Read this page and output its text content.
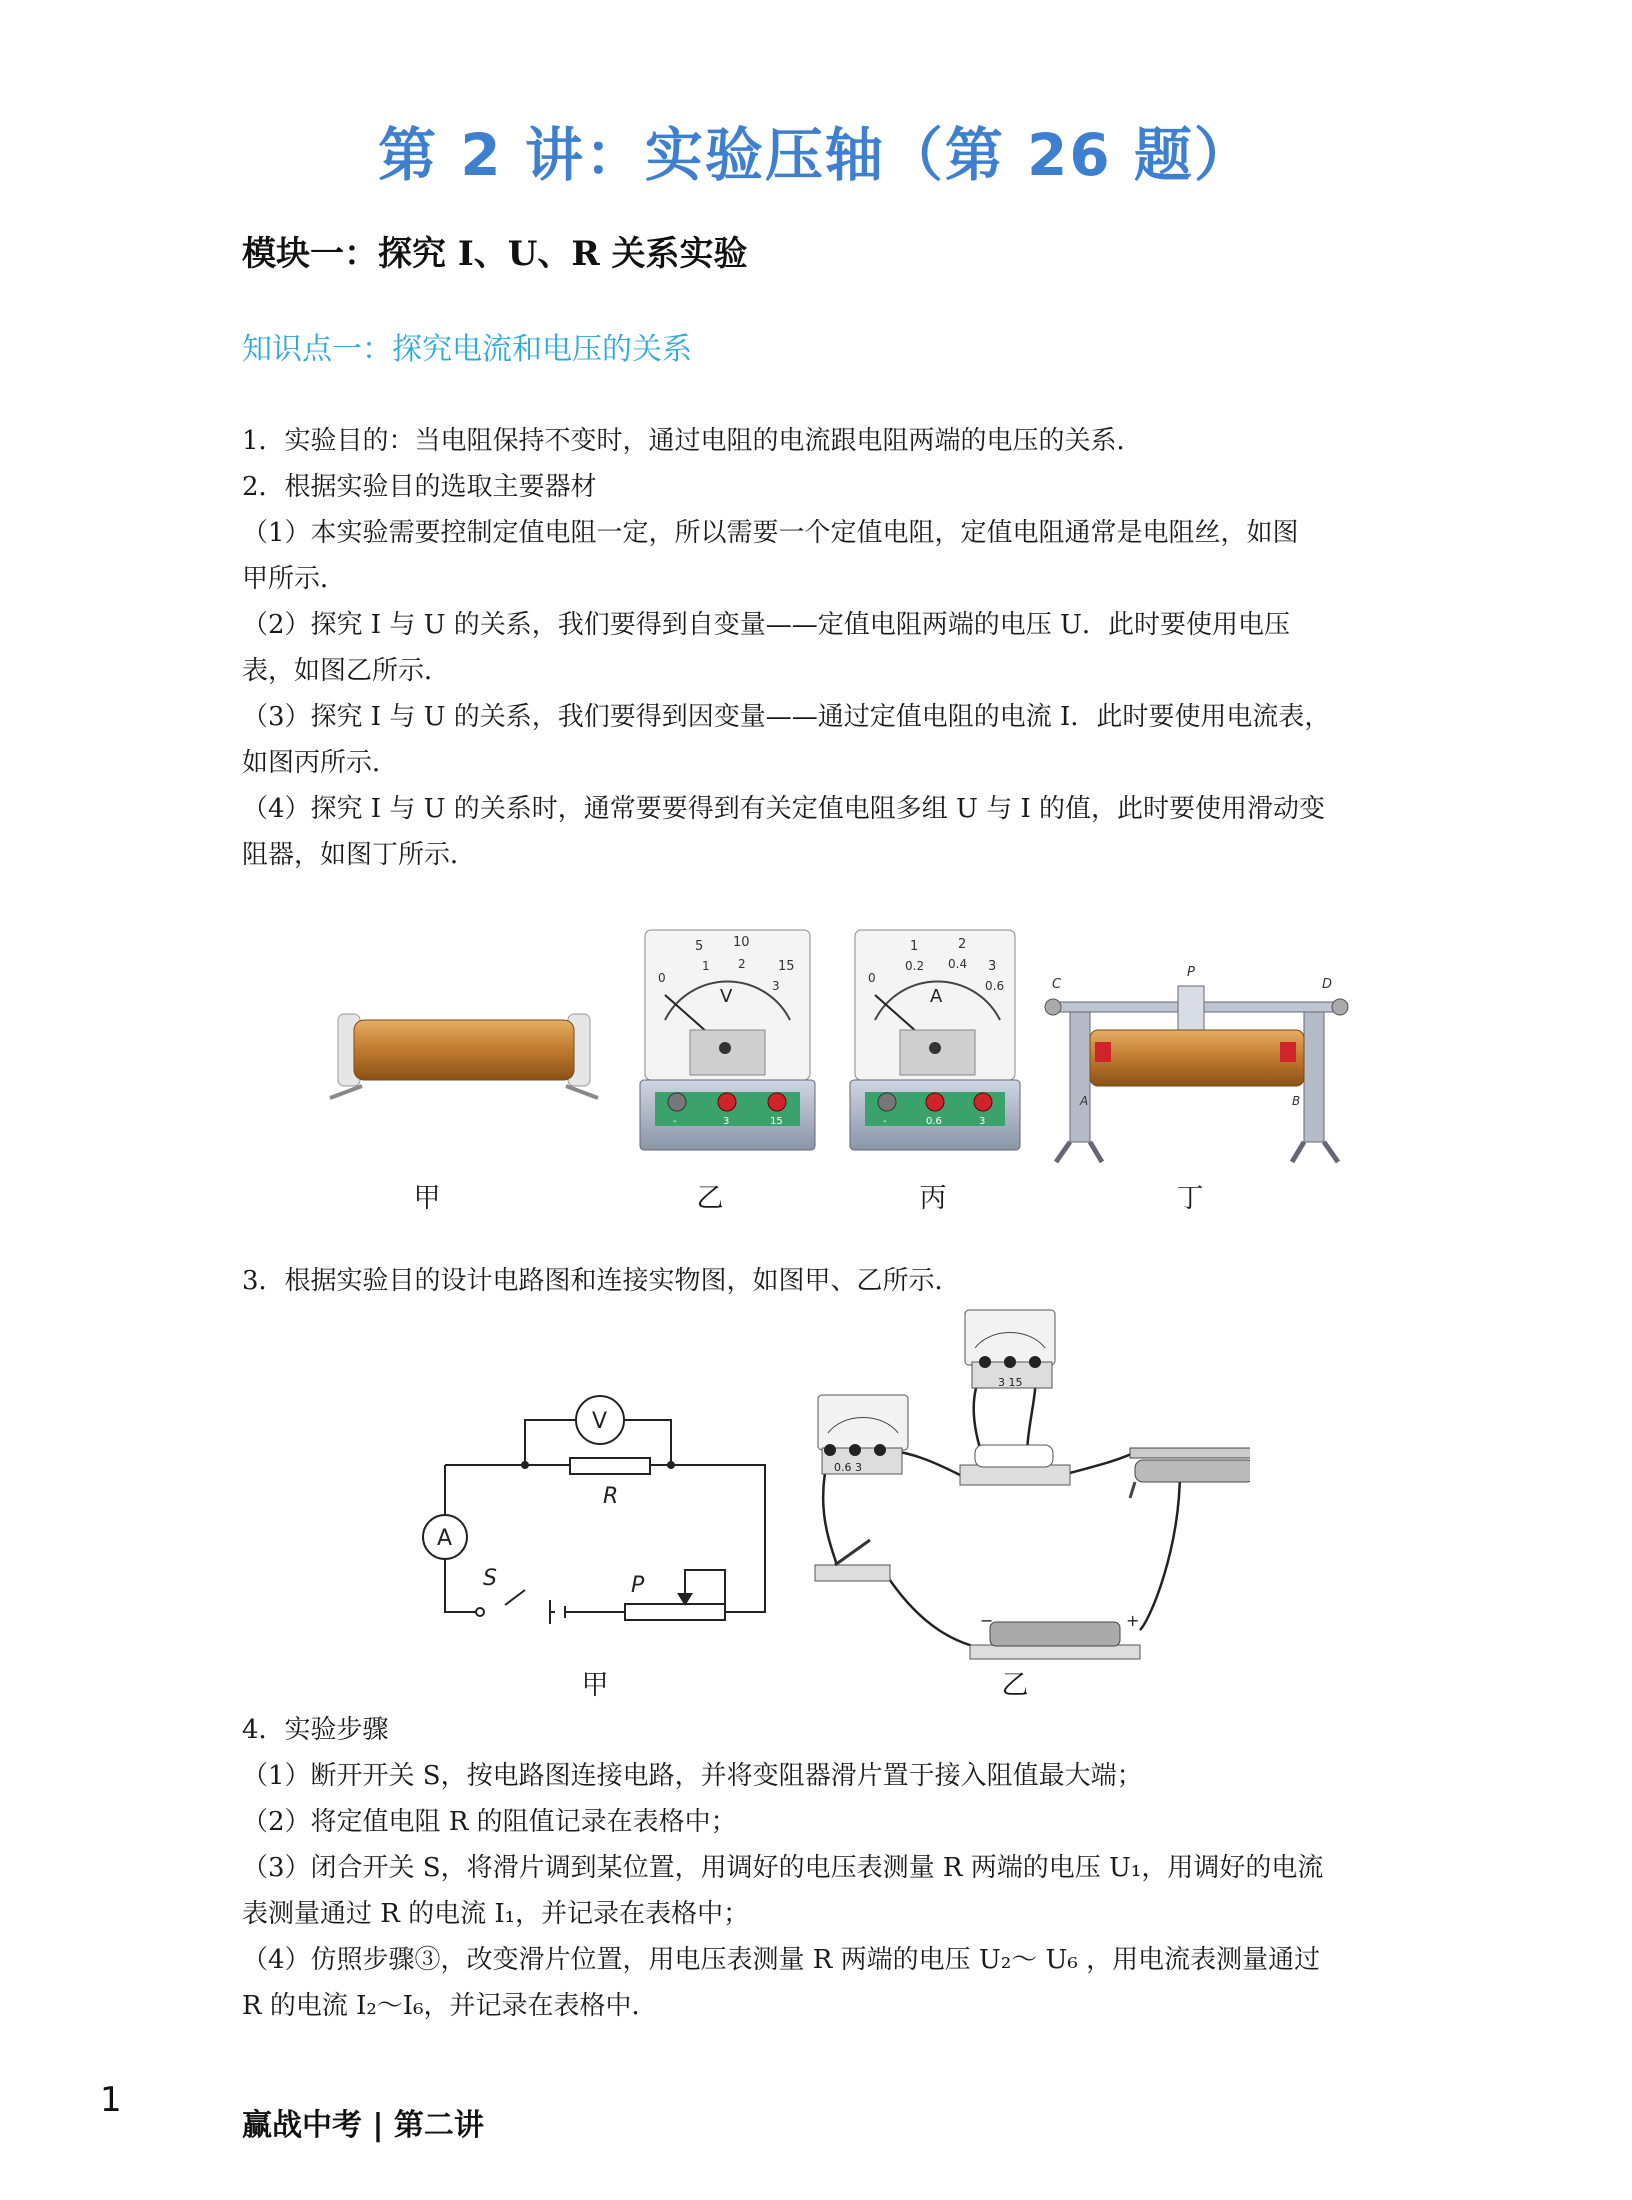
第 2 讲：实验压轴（第 26 题）
模块一：探究 I、U、R 关系实验
知识点一：探究电流和电压的关系

1．实验目的：当电阻保持不变时，通过电阻的电流跟电阻两端的电压的关系．

2．根据实验目的选取主要器材

（1）本实验需要控制定值电阻一定，所以需要一个定值电阻，定值电阻通常是电阻丝，如图

甲所示．

（2）探究 I 与 U 的关系，我们要得到自变量——定值电阻两端的电压 U．此时要使用电压

表，如图乙所示．

（3）探究 I 与 U 的关系，我们要得到因变量——通过定值电阻的电流 I．此时要使用电流表，

如图丙所示．

（4）探究 I 与 U 的关系时，通常要要得到有关定值电阻多组 U 与 I 的值，此时要使用滑动变

阻器，如图丁所示．

5 10
15
0
1 2
3
V
-	3	15
1	2
3
0
0.2 0.4
0.6
A
-	0.6	3
C
P
D
A	B
甲	乙	丙	丁

3．根据实验目的设计电路图和连接实物图，如图甲、乙所示．

V
A
R
S	P
3 15
0.6 3
−	+
甲	乙

4．实验步骤

（1）断开开关 S，按电路图连接电路，并将变阻器滑片置于接入阻值最大端；

（2）将定值电阻 R 的阻值记录在表格中；

（3）闭合开关 S，将滑片调到某位置，用调好的电压表测量 R 两端的电压 U₁，用调好的电流

表测量通过 R 的电流 I₁，并记录在表格中；

（4）仿照步骤③，改变滑片位置，用电压表测量 R 两端的电压 U₂～ U₆ ，用电流表测量通过

R 的电流 I₂～I₆，并记录在表格中．

1
赢战中考 | 第二讲
